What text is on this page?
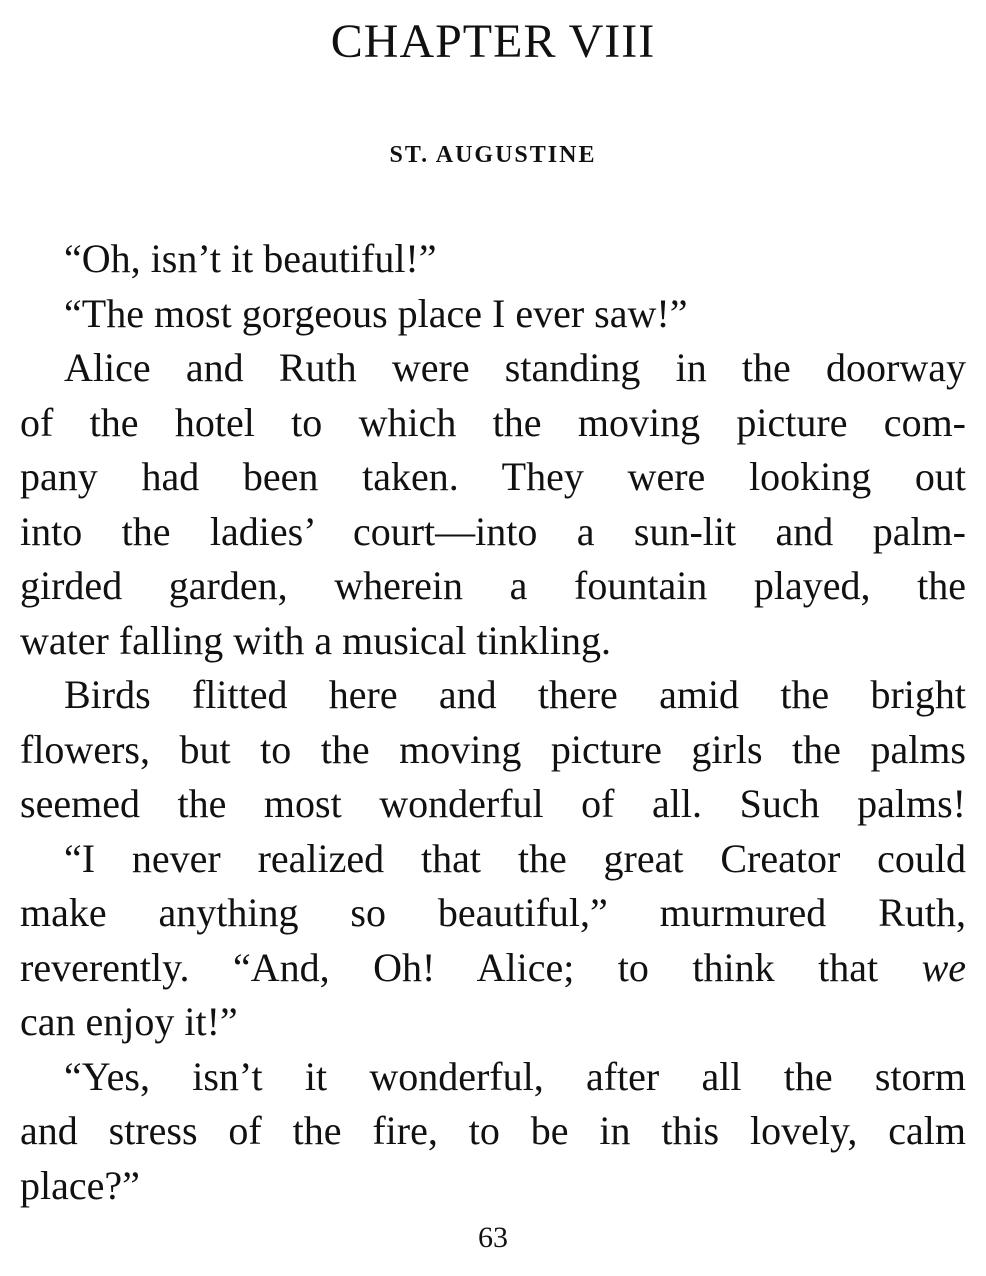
CHAPTER VIII
ST. AUGUSTINE
“Oh, isn’t it beautiful!”
“The most gorgeous place I ever saw!”
Alice and Ruth were standing in the doorway
of the hotel to which the moving picture com-
pany had been taken. They were looking out
into the ladies’ court—into a sun-lit and palm-
girded garden, wherein a fountain played, the
water falling with a musical tinkling.
Birds flitted here and there amid the bright
flowers, but to the moving picture girls the palms
seemed the most wonderful of all. Such palms!
“I never realized that the great Creator could
make anything so beautiful,” murmured Ruth,
reverently. “And, Oh! Alice; to think that we
can enjoy it!”
“Yes, isn’t it wonderful, after all the storm
and stress of the fire, to be in this lovely, calm
place?”
63
